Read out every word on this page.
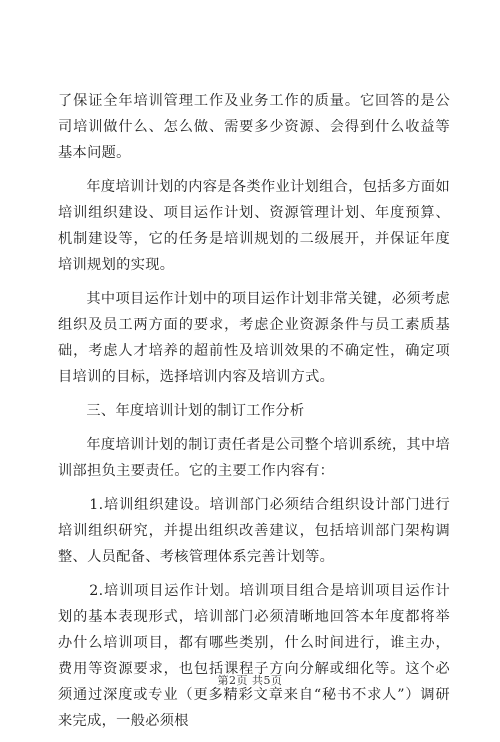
了保证全年培训管理工作及业务工作的质量。它回答的是公司培训做什么、怎么做、需要多少资源、会得到什么收益等基本问题。

年度培训计划的内容是各类作业计划组合，包括多方面如培训组织建设、项目运作计划、资源管理计划、年度预算、机制建设等，它的任务是培训规划的二级展开，并保证年度培训规划的实现。

其中项目运作计划中的项目运作计划非常关键，必须考虑组织及员工两方面的要求，考虑企业资源条件与员工素质基础，考虑人才培养的超前性及培训效果的不确定性，确定项目培训的目标，选择培训内容及培训方式。

三、年度培训计划的制订工作分析

年度培训计划的制订责任者是公司整个培训系统，其中培训部担负主要责任。它的主要工作内容有：

1.培训组织建设。培训部门必须结合组织设计部门进行培训组织研究，并提出组织改善建议，包括培训部门架构调整、人员配备、考核管理体系完善计划等。

2.培训项目运作计划。培训项目组合是培训项目运作计划的基本表现形式，培训部门必须清晰地回答本年度都将举办什么培训项目，都有哪些类别，什么时间进行，谁主办，费用等资源要求，也包括课程子方向分解或细化等。这个必须通过深度或专业（更多精彩文章来自“秘书不求人”）调研来完成，一般必须根

第2页 共5页
